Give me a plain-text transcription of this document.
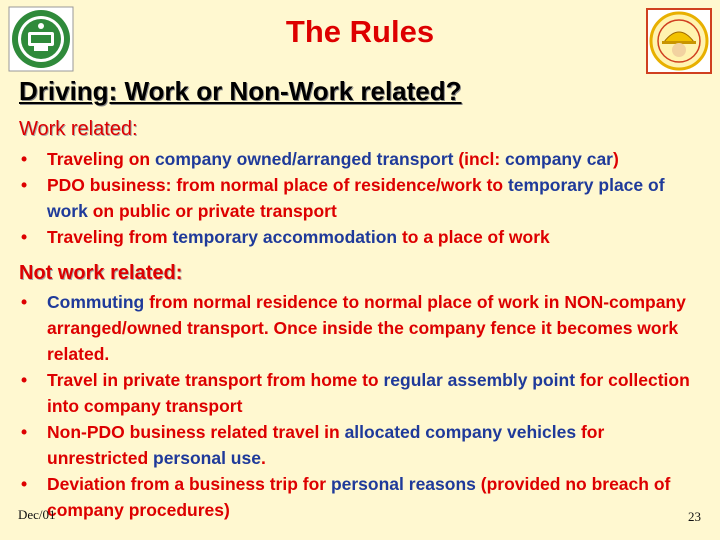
The Rules
Driving: Work or Non-Work related?
Work related:
• Traveling on company owned/arranged transport (incl: company car)
• PDO business: from normal place of residence/work to temporary place of work on public or private transport
• Traveling from temporary accommodation to a place of work
Not work related:
• Commuting from normal residence to normal place of work in NON-company arranged/owned transport. Once inside the company fence it becomes work related.
• Travel in private transport from home to regular assembly point for collection into company transport
• Non-PDO business related travel in allocated company vehicles for unrestricted personal use.
• Deviation from a business trip for personal reasons (provided no breach of company procedures)
Dec/01	23
